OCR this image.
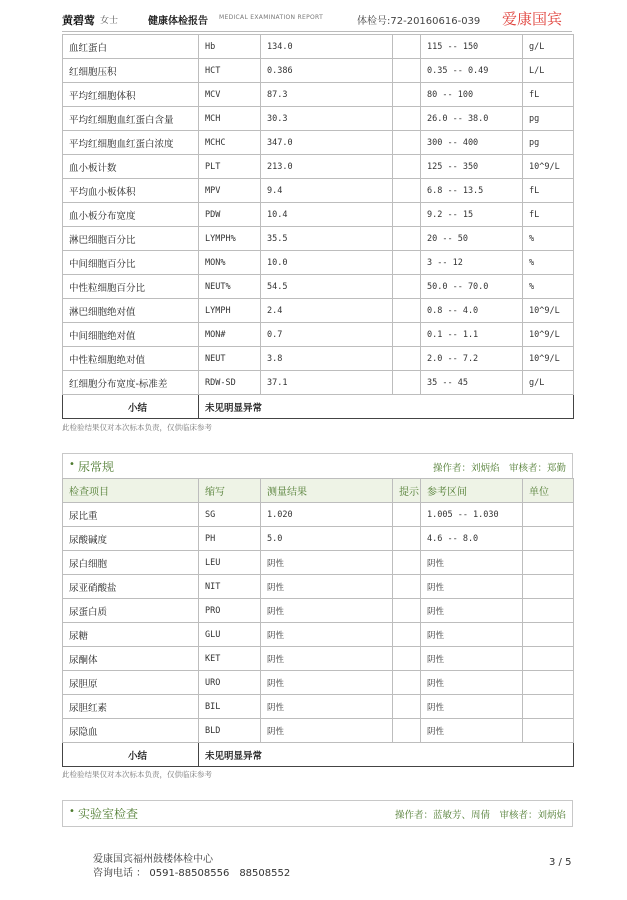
黄碧莺 女士	健康体检报告 MEDICAL EXAMINATION REPORT	体检号:72-20160616-039 爱康国宾
血红蛋白	Hb	134.0		115 -- 150	g/L
红细胞压积	HCT	0.386		0.35 -- 0.49	L/L
平均红细胞体积	MCV	87.3		80 -- 100	fL
平均红细胞血红蛋白含量	MCH	30.3		26.0 -- 38.0	pg
平均红细胞血红蛋白浓度	MCHC	347.0		300 -- 400	pg
血小板计数	PLT	213.0		125 -- 350	10^9/L
平均血小板体积	MPV	9.4		6.8 -- 13.5	fL
血小板分布宽度	PDW	10.4		9.2 -- 15	fL
淋巴细胞百分比	LYMPH%	35.5		20 -- 50	%
中间细胞百分比	MON%	10.0		3 -- 12	%
中性粒细胞百分比	NEUT%	54.5		50.0 -- 70.0	%
淋巴细胞绝对值	LYMPH	2.4		0.8 -- 4.0	10^9/L
中间细胞绝对值	MON#	0.7		0.1 -- 1.1	10^9/L
中性粒细胞绝对值	NEUT	3.8		2.0 -- 7.2	10^9/L
红细胞分布宽度-标准差	RDW-SD	37.1		35 -- 45	g/L
小结	未见明显异常				
此检验结果仅对本次标本负责，仅供临床参考
• 尿常规	操作者：刘炳焰　审核者：郑勤
检查项目	缩写	测量结果	提示	参考区间	单位
尿比重	SG	1.020		1.005 -- 1.030	
尿酸碱度	PH	5.0		4.6 -- 8.0	
尿白细胞	LEU	阴性		阴性	
尿亚硝酸盐	NIT	阴性		阴性	
尿蛋白质	PRO	阴性		阴性	
尿糖	GLU	阴性		阴性	
尿酮体	KET	阴性		阴性	
尿胆原	URO	阴性		阴性	
尿胆红素	BIL	阴性		阴性	
尿隐血	BLD	阴性		阴性	
小结	未见明显异常				
此检验结果仅对本次标本负责，仅供临床参考
• 实验室检查	操作者：蓝敏芳、周倩　审核者：刘炳焰
爱康国宾福州鼓楼体检中心
咨询电话 ： 0591-88508556　88508552
3 / 5
